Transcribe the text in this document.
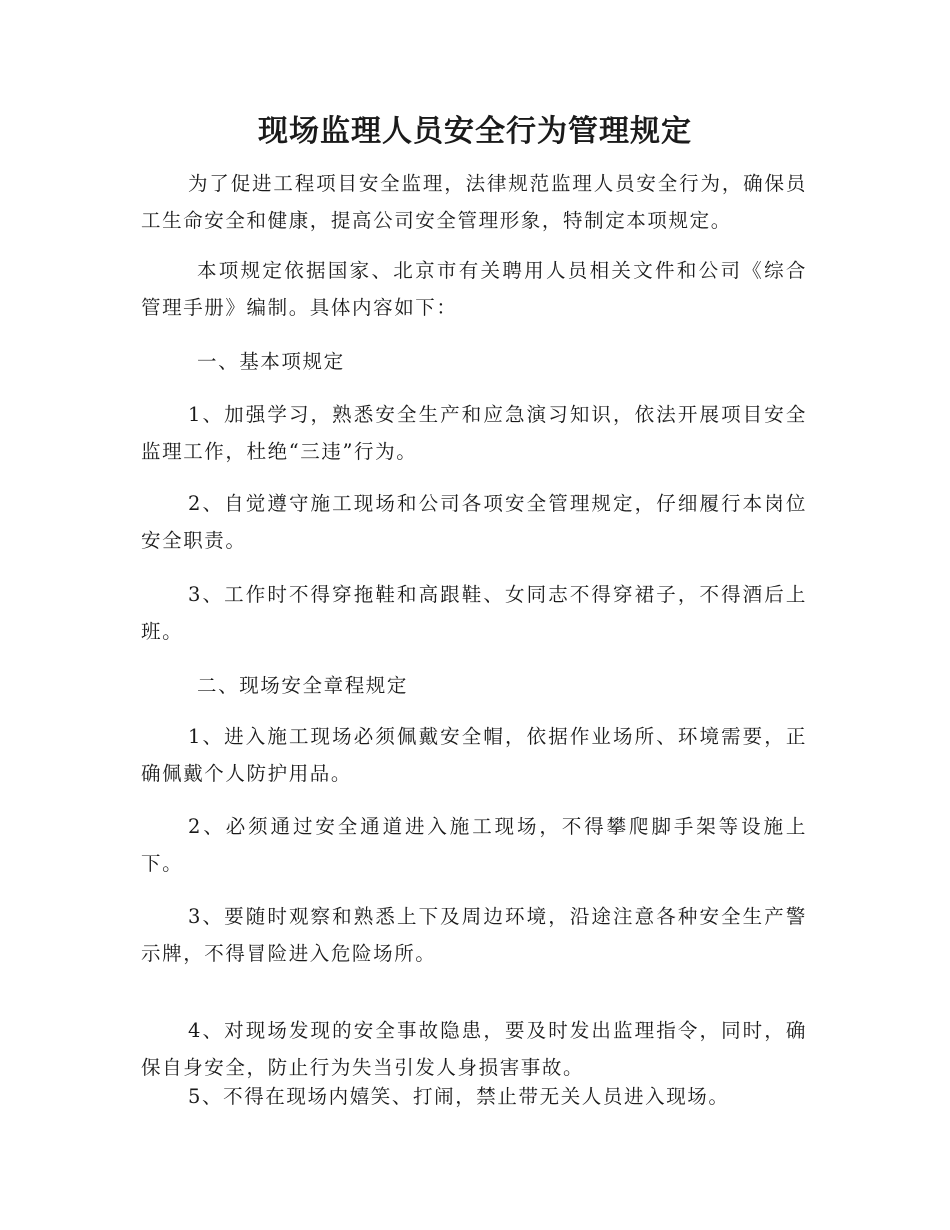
现场监理人员安全行为管理规定

为了促进工程项目安全监理，法律规范监理人员安全行为，确保员工生命安全和健康，提高公司安全管理形象，特制定本项规定。

本项规定依据国家、北京市有关聘用人员相关文件和公司《综合管理手册》编制。具体内容如下：

一、基本项规定

1、加强学习，熟悉安全生产和应急演习知识，依法开展项目安全监理工作，杜绝“三违”行为。

2、自觉遵守施工现场和公司各项安全管理规定，仔细履行本岗位安全职责。

3、工作时不得穿拖鞋和高跟鞋、女同志不得穿裙子，不得酒后上班。

二、现场安全章程规定

1、进入施工现场必须佩戴安全帽，依据作业场所、环境需要，正确佩戴个人防护用品。

2、必须通过安全通道进入施工现场，不得攀爬脚手架等设施上下。

3、要随时观察和熟悉上下及周边环境，沿途注意各种安全生产警示牌，不得冒险进入危险场所。

4、对现场发现的安全事故隐患，要及时发出监理指令，同时，确保自身安全，防止行为失当引发人身损害事故。

5、不得在现场内嬉笑、打闹，禁止带无关人员进入现场。
